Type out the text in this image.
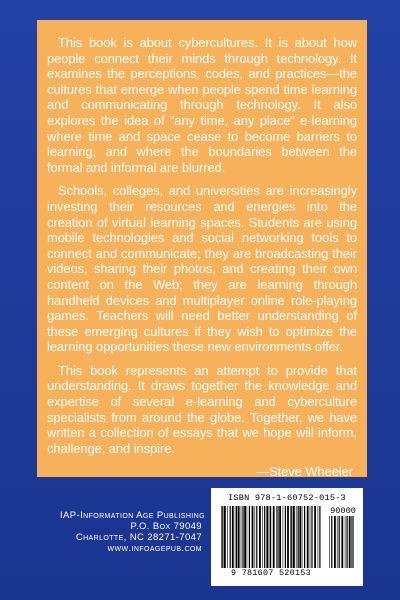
This book is about cybercultures. It is about how people connect their minds through technology. It examines the perceptions, codes, and practices—the cultures that emerge when people spend time learning and communicating through technology. It also explores the idea of “any time, any place” e-learning where time and space cease to become barriers to learning, and where the boundaries between the formal and informal are blurred.

Schools, colleges, and universities are increasingly investing their resources and energies into the creation of virtual learning spaces. Students are using mobile technologies and social networking tools to connect and communicate; they are broadcasting their videos, sharing their photos, and creating their own content on the Web; they are learning through handheld devices and multiplayer online role-playing games. Teachers will need better understanding of these emerging cultures if they wish to optimize the learning opportunities these new environments offer.

This book represents an attempt to provide that understanding. It draws together the knowledge and expertise of several e-learning and cyberculture specialists from around the globe. Together, we have written a collection of essays that we hope will inform, challenge, and inspire.

—Steve Wheeler

IAP-Information Age Publishing
P.O. Box 79049
Charlotte, NC 28271-7047
www.infoagepub.com
ISBN 978-1-60752-015-3
90000
9 781607 520153
